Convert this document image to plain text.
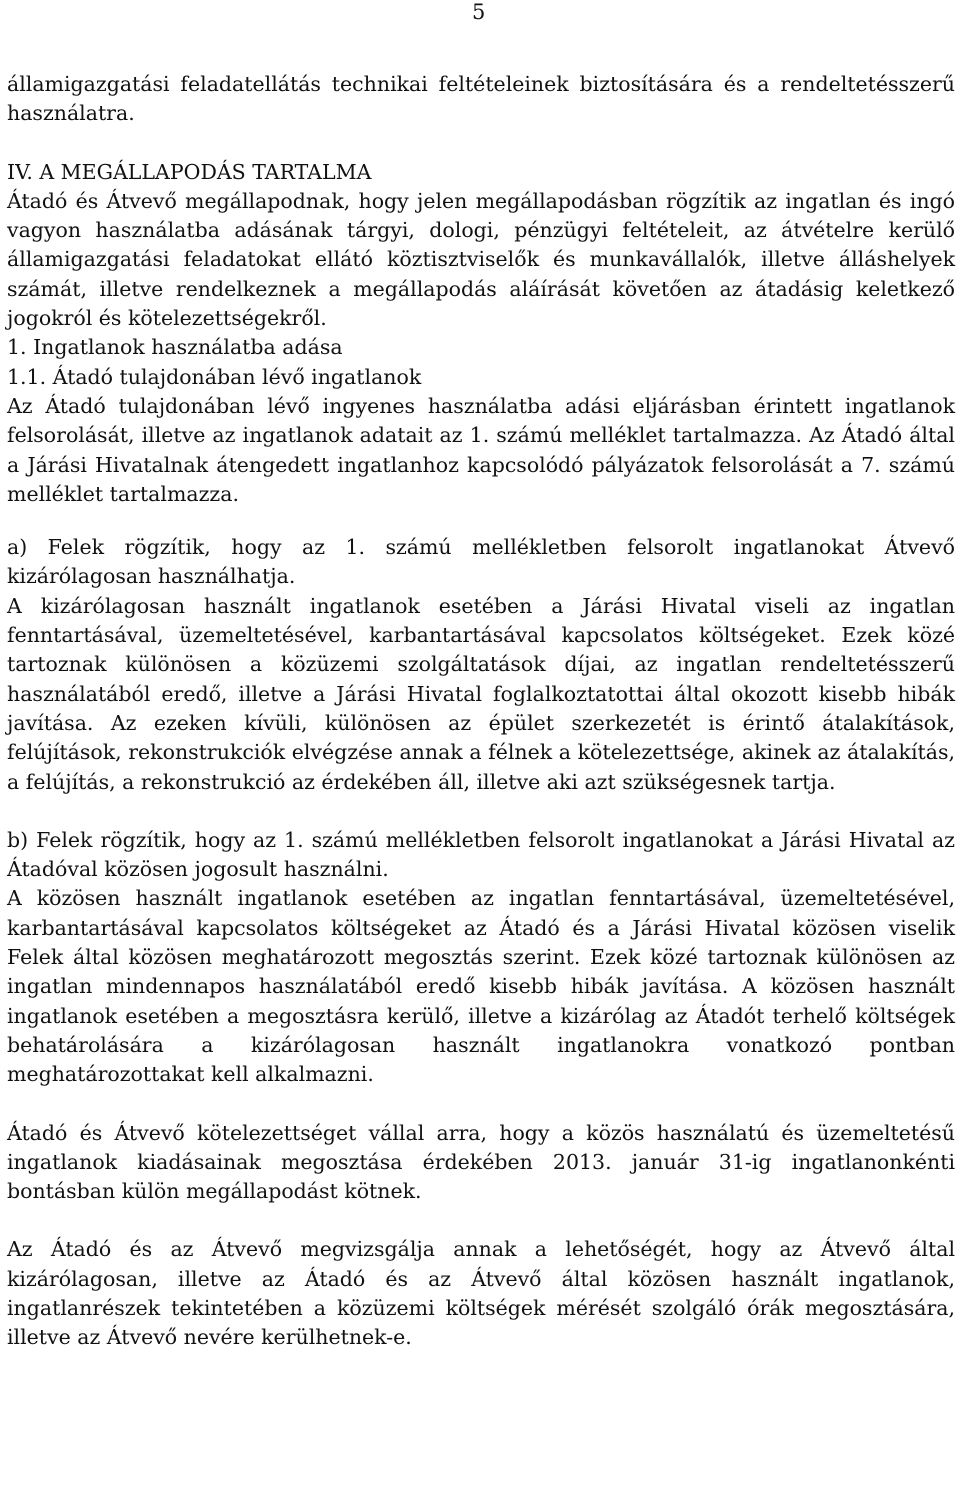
5

államigazgatási feladatellátás technikai feltételeinek biztosítására és a rendeltetésszerű használatra.

IV. A MEGÁLLAPODÁS TARTALMA

Átadó és Átvevő megállapodnak, hogy jelen megállapodásban rögzítik az ingatlan és ingó vagyon használatba adásának tárgyi, dologi, pénzügyi feltételeit, az átvételre kerülő államigazgatási feladatokat ellátó köztisztviselők és munkavállalók, illetve álláshelyek számát, illetve rendelkeznek a megállapodás aláírását követően az átadásig keletkező jogokról és kötelezettségekről.

1. Ingatlanok használatba adása

1.1. Átadó tulajdonában lévő ingatlanok

Az Átadó tulajdonában lévő ingyenes használatba adási eljárásban érintett ingatlanok felsorolását, illetve az ingatlanok adatait az 1. számú melléklet tartalmazza. Az Átadó által a Járási Hivatalnak átengedett ingatlanhoz kapcsolódó pályázatok felsorolását a 7. számú melléklet tartalmazza.

a) Felek rögzítik, hogy az 1. számú mellékletben felsorolt ingatlanokat Átvevő kizárólagosan használhatja.

A kizárólagosan használt ingatlanok esetében a Járási Hivatal viseli az ingatlan fenntartásával, üzemeltetésével, karbantartásával kapcsolatos költségeket. Ezek közé tartoznak különösen a közüzemi szolgáltatások díjai, az ingatlan rendeltetésszerű használatából eredő, illetve a Járási Hivatal foglalkoztatottai által okozott kisebb hibák javítása. Az ezeken kívüli, különösen az épület szerkezetét is érintő átalakítások, felújítások, rekonstrukciók elvégzése annak a félnek a kötelezettsége, akinek az átalakítás, a felújítás, a rekonstrukció az érdekében áll, illetve aki azt szükségesnek tartja.

b) Felek rögzítik, hogy az 1. számú mellékletben felsorolt ingatlanokat a Járási Hivatal az Átadóval közösen jogosult használni.

A közösen használt ingatlanok esetében az ingatlan fenntartásával, üzemeltetésével, karbantartásával kapcsolatos költségeket az Átadó és a Járási Hivatal közösen viselik Felek által közösen meghatározott megosztás szerint. Ezek közé tartoznak különösen az ingatlan mindennapos használatából eredő kisebb hibák javítása. A közösen használt ingatlanok esetében a megosztásra kerülő, illetve a kizárólag az Átadót terhelő költségek behatárolására a kizárólagosan használt ingatlanokra vonatkozó pontban meghatározottakat kell alkalmazni.

Átadó és Átvevő kötelezettséget vállal arra, hogy a közös használatú és üzemeltetésű ingatlanok kiadásainak megosztása érdekében 2013. január 31-ig ingatlanonkénti bontásban külön megállapodást kötnek.

Az Átadó és az Átvevő megvizsgálja annak a lehetőségét, hogy az Átvevő által kizárólagosan, illetve az Átadó és az Átvevő által közösen használt ingatlanok, ingatlanrészek tekintetében a közüzemi költségek mérését szolgáló órák megosztására, illetve az Átvevő nevére kerülhetnek-e.
